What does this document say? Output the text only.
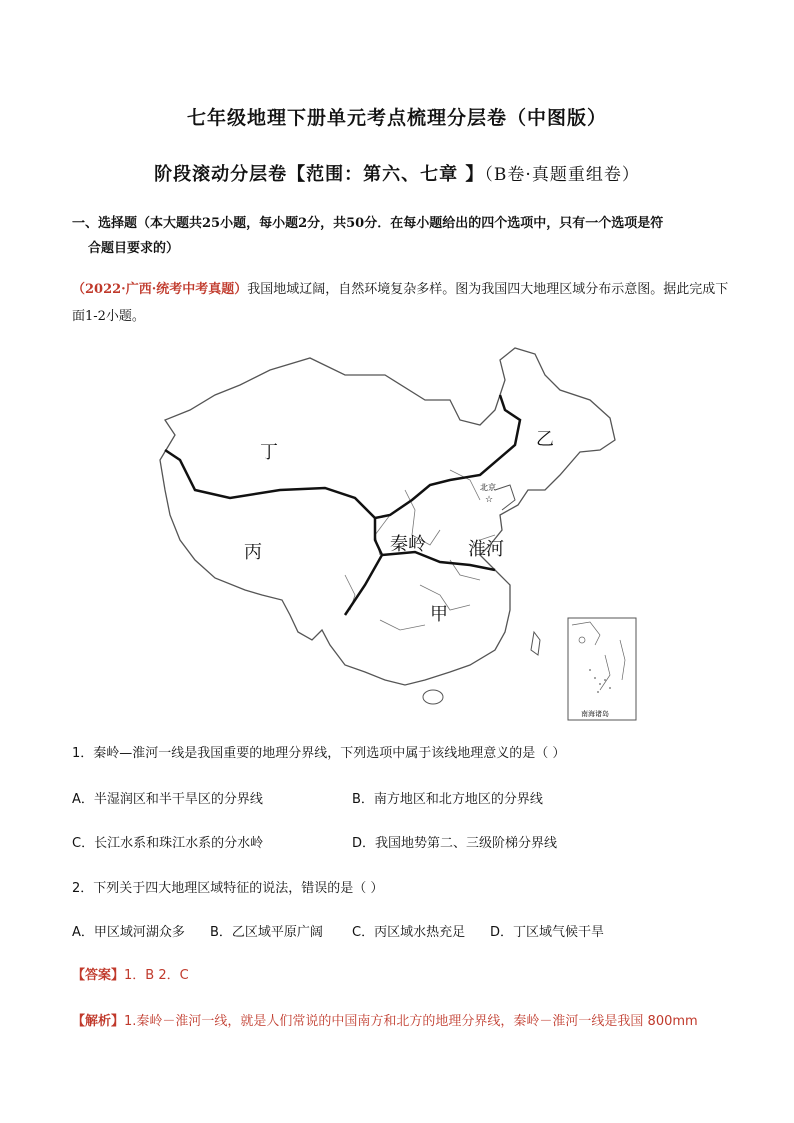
七年级地理下册单元考点梳理分层卷（中图版）
阶段滚动分层卷【范围：第六、七章 】（B卷·真题重组卷）
一、选择题（本大题共25小题，每小题2分，共50分．在每小题给出的四个选项中，只有一个选项是符
合题目要求的）
（2022·广西·统考中考真题）我国地域辽阔，自然环境复杂多样。图为我国四大地理区域分布示意图。据此完成下面1-2小题。
丁
乙
丙
甲
秦岭 淮河
北京
☆
南海诸岛
1．秦岭—淮河一线是我国重要的地理分界线，下列选项中属于该线地理意义的是（ ）
A．半湿润区和半干旱区的分界线	B．南方地区和北方地区的分界线
C．长江水系和珠江水系的分水岭	D．我国地势第二、三级阶梯分界线
2．下列关于四大地理区域特征的说法，错误的是（ ）
A．甲区域河湖众多 B．乙区域平原广阔 C．丙区域水热充足 D．丁区域气候干旱
【答案】1．B 2．C
【解析】1.秦岭－淮河一线，就是人们常说的中国南方和北方的地理分界线，秦岭－淮河一线是我国 800mm
